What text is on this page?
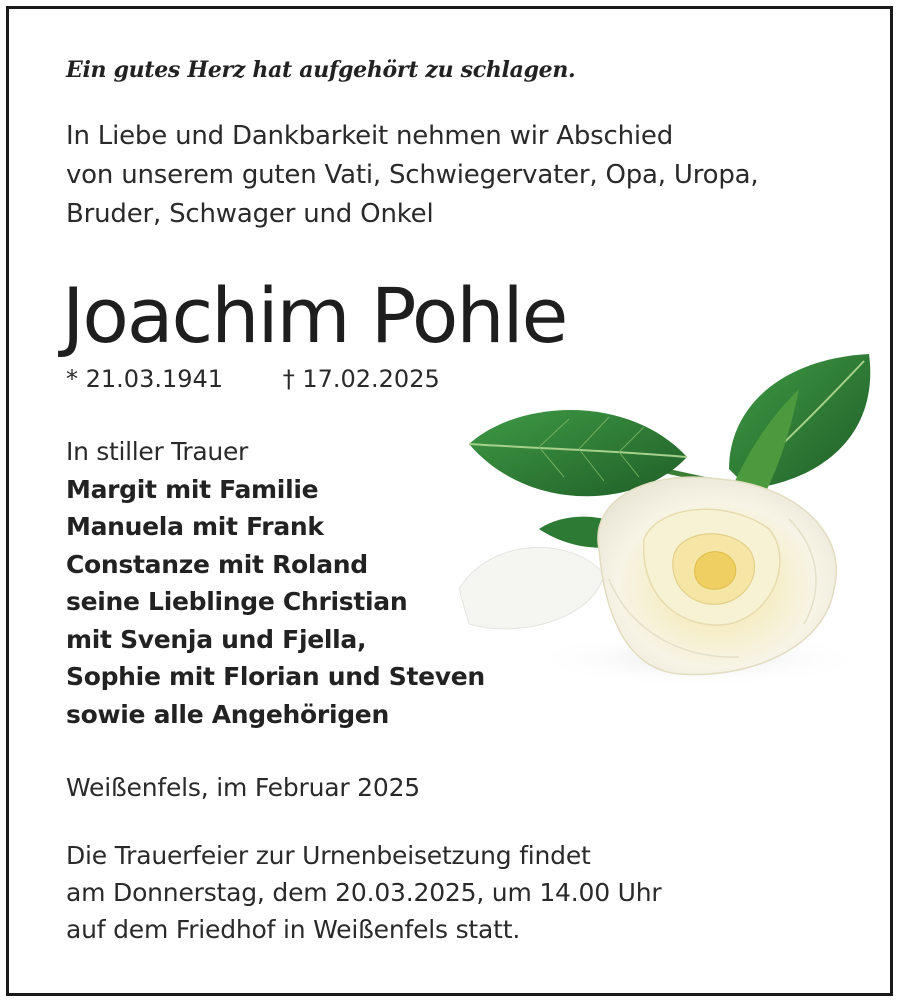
Ein gutes Herz hat aufgehört zu schlagen.
In Liebe und Dankbarkeit nehmen wir Abschied
von unserem guten Vati, Schwiegervater, Opa, Uropa,
Bruder, Schwager und Onkel
Joachim Pohle
* 21.03.1941 † 17.02.2025
In stiller Trauer
Margit mit Familie
Manuela mit Frank
Constanze mit Roland
seine Lieblinge Christian
mit Svenja und Fjella,
Sophie mit Florian und Steven
sowie alle Angehörigen
Weißenfels, im Februar 2025
Die Trauerfeier zur Urnenbeisetzung findet
am Donnerstag, dem 20.03.2025, um 14.00 Uhr
auf dem Friedhof in Weißenfels statt.
